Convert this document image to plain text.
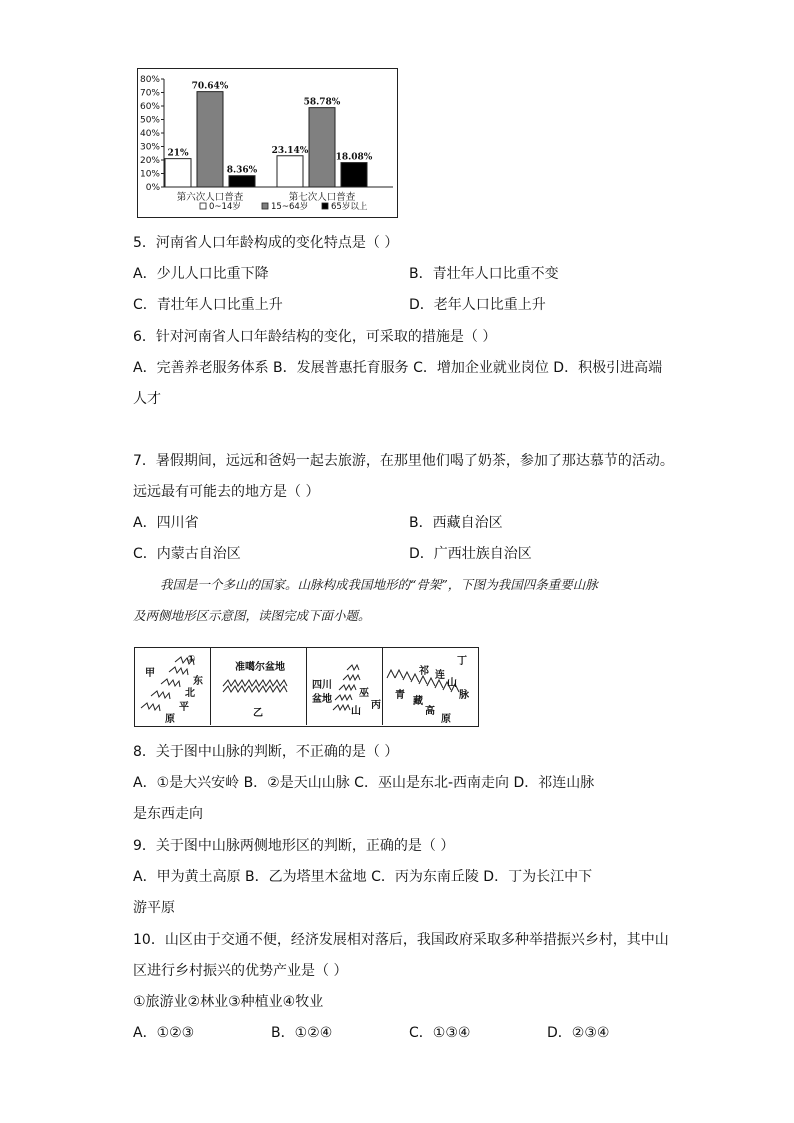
80%
70%
60%
50%
40%
30%
20%
10%
0%
21%
70.64%
8.36%
第六次人口普查
23.14%
58.78%
18.08%
第七次人口普查
0~14岁	15~64岁	65岁以上
5．河南省人口年龄构成的变化特点是（ ）
A．少儿人口比重下降	B．青壮年人口比重不变
C．青壮年人口比重上升	D．老年人口比重上升
6．针对河南省人口年龄结构的变化，可采取的措施是（ ）
A．完善养老服务体系 B．发展普惠托育服务 C．增加企业就业岗位 D．积极引进高端
人才
7．暑假期间，远远和爸妈一起去旅游，在那里他们喝了奶茶，参加了那达慕节的活动。
远远最有可能去的地方是（ ）
A．四川省	B．西藏自治区
C．内蒙古自治区	D．广西壮族自治区
我国是一个多山的国家。山脉构成我国地形的“骨架”，下图为我国四条重要山脉
及两侧地形区示意图，读图完成下面小题。
甲
①
东
北
平
原
准噶尔盆地
乙
四川
盆地
巫
山
丙
丁
祁 连
山
脉
青
藏
高
原
8．关于图中山脉的判断，不正确的是（ ）
A．①是大兴安岭 B．②是天山山脉 C．巫山是东北-西南走向 D．祁连山脉
是东西走向
9．关于图中山脉两侧地形区的判断，正确的是（ ）
A．甲为黄土高原 B．乙为塔里木盆地 C．丙为东南丘陵 D．丁为长江中下
游平原
10．山区由于交通不便，经济发展相对落后，我国政府采取多种举措振兴乡村，其中山
区进行乡村振兴的优势产业是（ ）
①旅游业②林业③种植业④牧业
A．①②③	B．①②④	C．①③④	D．②③④
